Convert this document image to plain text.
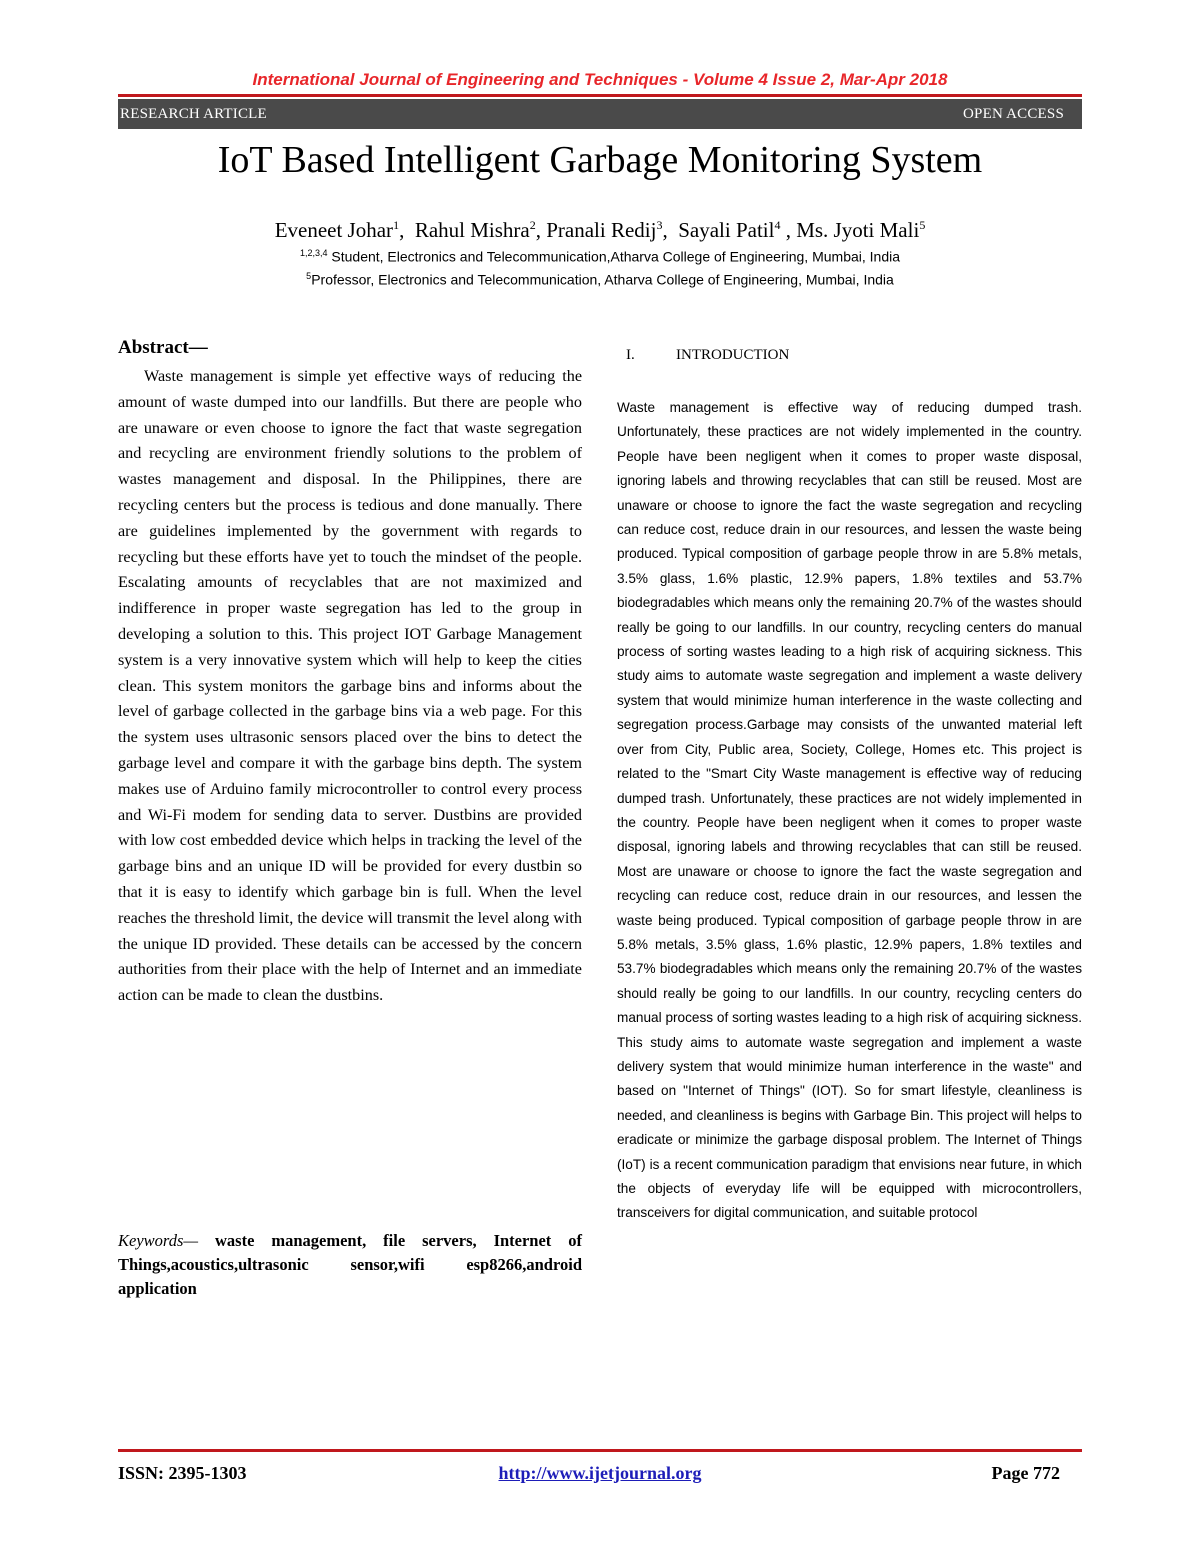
International Journal of Engineering and Techniques - Volume 4 Issue 2, Mar-Apr 2018
RESEARCH ARTICLE	OPEN ACCESS
IoT Based Intelligent Garbage Monitoring System
Eveneet Johar$^1$,  Rahul Mishra$^2$, Pranali Redij$^3$,  Sayali Patil$^4$ , Ms. Jyoti Mali$^5$
$^{1,2,3,4}$ Student, Electronics and Telecommunication,Atharva College of Engineering, Mumbai, India
$^5$Professor, Electronics and Telecommunication, Atharva College of Engineering, Mumbai, India
Abstract—
Waste management is simple yet effective ways of reducing the amount of waste dumped into our landfills. But there are people who are unaware or even choose to ignore the fact that waste segregation and recycling are environment friendly solutions to the problem of wastes management and disposal. In the Philippines, there are recycling centers but the process is tedious and done manually. There are guidelines implemented by the government with regards to recycling but these efforts have yet to touch the mindset of the people. Escalating amounts of recyclables that are not maximized and indifference in proper waste segregation has led to the group in developing a solution to this. This project IOT Garbage Management system is a very innovative system which will help to keep the cities clean. This system monitors the garbage bins and informs about the level of garbage collected in the garbage bins via a web page. For this the system uses ultrasonic sensors placed over the bins to detect the garbage level and compare it with the garbage bins depth. The system makes use of Arduino family microcontroller to control every process and Wi-Fi modem for sending data to server. Dustbins are provided with low cost embedded device which helps in tracking the level of the garbage bins and an unique ID will be provided for every dustbin so that it is easy to identify which garbage bin is full. When the level reaches the threshold limit, the device will transmit the level along with the unique ID provided. These details can be accessed by the concern authorities from their place with the help of Internet and an immediate action can be made to clean the dustbins.
Keywords— waste management, file servers, Internet of Things,acoustics,ultrasonic sensor,wifi esp8266,android application
I.	INTRODUCTION
Waste management is effective way of reducing dumped trash. Unfortunately, these practices are not widely implemented in the country. People have been negligent when it comes to proper waste disposal, ignoring labels and throwing recyclables that can still be reused. Most are unaware or choose to ignore the fact the waste segregation and recycling can reduce cost, reduce drain in our resources, and lessen the waste being produced. Typical composition of garbage people throw in are 5.8% metals, 3.5% glass, 1.6% plastic, 12.9% papers, 1.8% textiles and 53.7% biodegradables which means only the remaining 20.7% of the wastes should really be going to our landfills. In our country, recycling centers do manual process of sorting wastes leading to a high risk of acquiring sickness. This study aims to automate waste segregation and implement a waste delivery system that would minimize human interference in the waste collecting and segregation process.Garbage may consists of the unwanted material left over from City, Public area, Society, College, Homes etc. This project is related to the "Smart City Waste management is effective way of reducing dumped trash. Unfortunately, these practices are not widely implemented in the country. People have been negligent when it comes to proper waste disposal, ignoring labels and throwing recyclables that can still be reused. Most are unaware or choose to ignore the fact the waste segregation and recycling can reduce cost, reduce drain in our resources, and lessen the waste being produced. Typical composition of garbage people throw in are 5.8% metals, 3.5% glass, 1.6% plastic, 12.9% papers, 1.8% textiles and 53.7% biodegradables which means only the remaining 20.7% of the wastes should really be going to our landfills. In our country, recycling centers do manual process of sorting wastes leading to a high risk of acquiring sickness. This study aims to automate waste segregation and implement a waste delivery system that would minimize human interference in the waste" and based on "Internet of Things" (IOT). So for smart lifestyle, cleanliness is needed, and cleanliness is begins with Garbage Bin. This project will helps to eradicate or minimize the garbage disposal problem. The Internet of Things (IoT) is a recent communication paradigm that envisions near future, in which the objects of everyday life will be equipped with microcontrollers, transceivers for digital communication, and suitable protocol
ISSN: 2395-1303	http://www.ijetjournal.org	Page 772
